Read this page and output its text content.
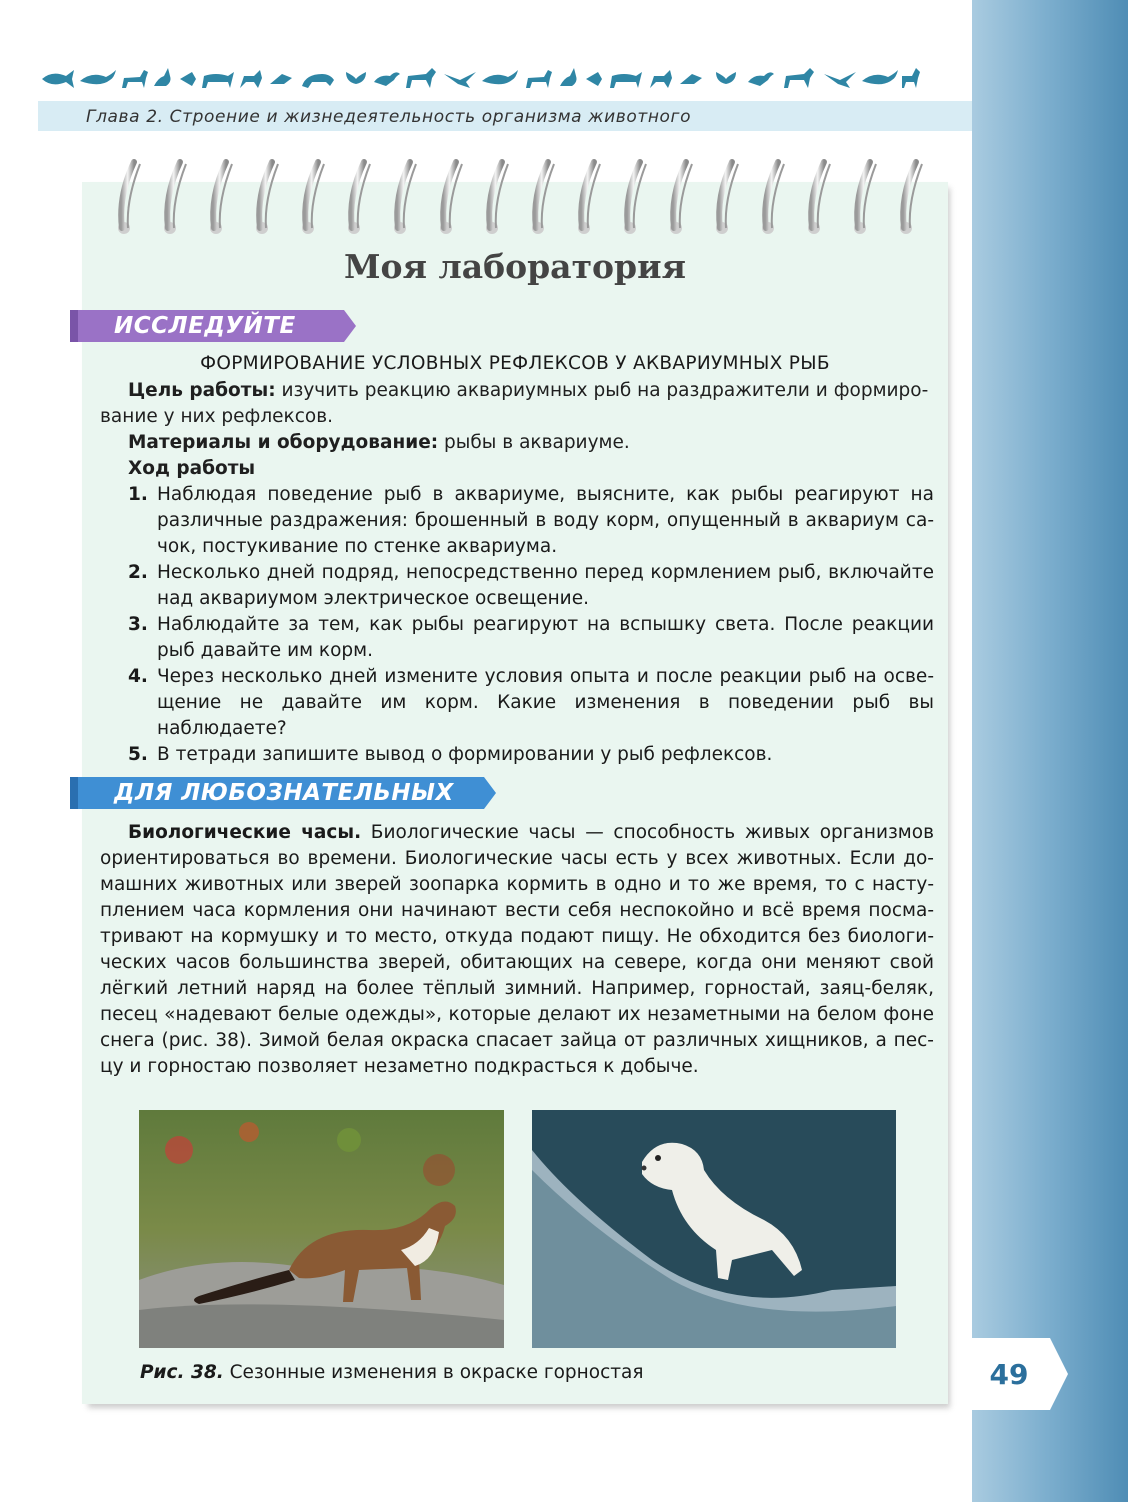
Глава 2. Строение и жизнедеятельность организма животного
Моя лаборатория
ИССЛЕДУЙТЕ
ФОРМИРОВАНИЕ УСЛОВНЫХ РЕФЛЕКСОВ У АКВАРИУМНЫХ РЫБ
Цель работы: изучить реакцию аквариумных рыб на раздражители и формиро-
вание у них рефлексов.
Материалы и оборудование: рыбы в аквариуме.
Ход работы
1. Наблюдая поведение рыб в аквариуме, выясните, как рыбы реагируют на различные раздражения: брошенный в воду корм, опущенный в аквариум са-чок, постукивание по стенке аквариума.
2. Несколько дней подряд, непосредственно перед кормлением рыб, включайте над аквариумом электрическое освещение.
3. Наблюдайте за тем, как рыбы реагируют на вспышку света. После реакции рыб давайте им корм.
4. Через несколько дней измените условия опыта и после реакции рыб на осве-щение не давайте им корм. Какие изменения в поведении рыб вы наблюдаете?
5. В тетради запишите вывод о формировании у рыб рефлексов.
ДЛЯ ЛЮБОЗНАТЕЛЬНЫХ
Биологические часы. Биологические часы — способность живых организмов ориентироваться во времени. Биологические часы есть у всех животных. Если до-машних животных или зверей зоопарка кормить в одно и то же время, то с насту-плением часа кормления они начинают вести себя неспокойно и всё время посма-тривают на кормушку и то место, откуда подают пищу. Не обходится без биологи-ческих часов большинства зверей, обитающих на севере, когда они меняют свой лёгкий летний наряд на более тёплый зимний. Например, горностай, заяц-беляк, песец «надевают белые одежды», которые делают их незаметными на белом фоне снега (рис. 38). Зимой белая окраска спасает зайца от различных хищников, а пес-цу и горностаю позволяет незаметно подкрасться к добыче.
Рис. 38. Сезонные изменения в окраске горностая	49
